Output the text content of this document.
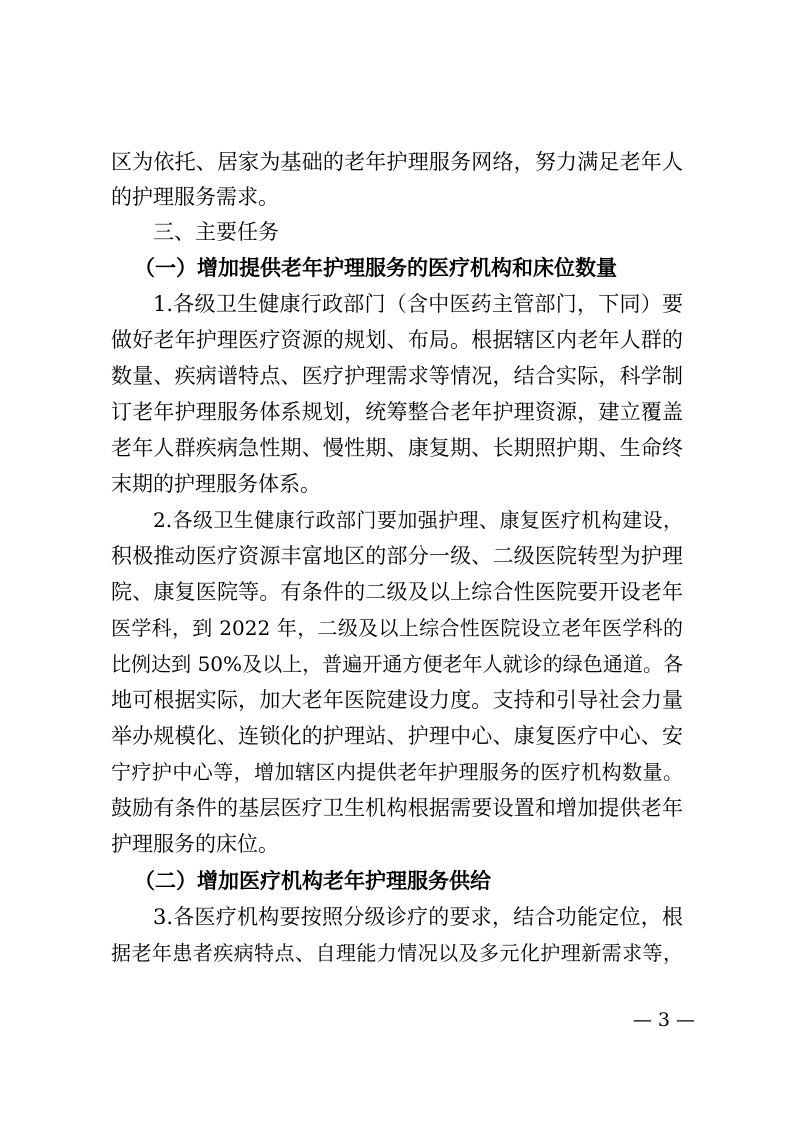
区为依托、居家为基础的老年护理服务网络，努力满足老年人
的护理服务需求。
三、主要任务
（一）增加提供老年护理服务的医疗机构和床位数量
1.各级卫生健康行政部门（含中医药主管部门，下同）要
做好老年护理医疗资源的规划、布局。根据辖区内老年人群的
数量、疾病谱特点、医疗护理需求等情况，结合实际，科学制
订老年护理服务体系规划，统筹整合老年护理资源，建立覆盖
老年人群疾病急性期、慢性期、康复期、长期照护期、生命终
末期的护理服务体系。
2.各级卫生健康行政部门要加强护理、康复医疗机构建设，
积极推动医疗资源丰富地区的部分一级、二级医院转型为护理
院、康复医院等。有条件的二级及以上综合性医院要开设老年
医学科，到 2022 年，二级及以上综合性医院设立老年医学科的
比例达到 50%及以上，普遍开通方便老年人就诊的绿色通道。各
地可根据实际，加大老年医院建设力度。支持和引导社会力量
举办规模化、连锁化的护理站、护理中心、康复医疗中心、安
宁疗护中心等，增加辖区内提供老年护理服务的医疗机构数量。
鼓励有条件的基层医疗卫生机构根据需要设置和增加提供老年
护理服务的床位。
（二）增加医疗机构老年护理服务供给
3.各医疗机构要按照分级诊疗的要求，结合功能定位，根
据老年患者疾病特点、自理能力情况以及多元化护理新需求等，
— 3 —
